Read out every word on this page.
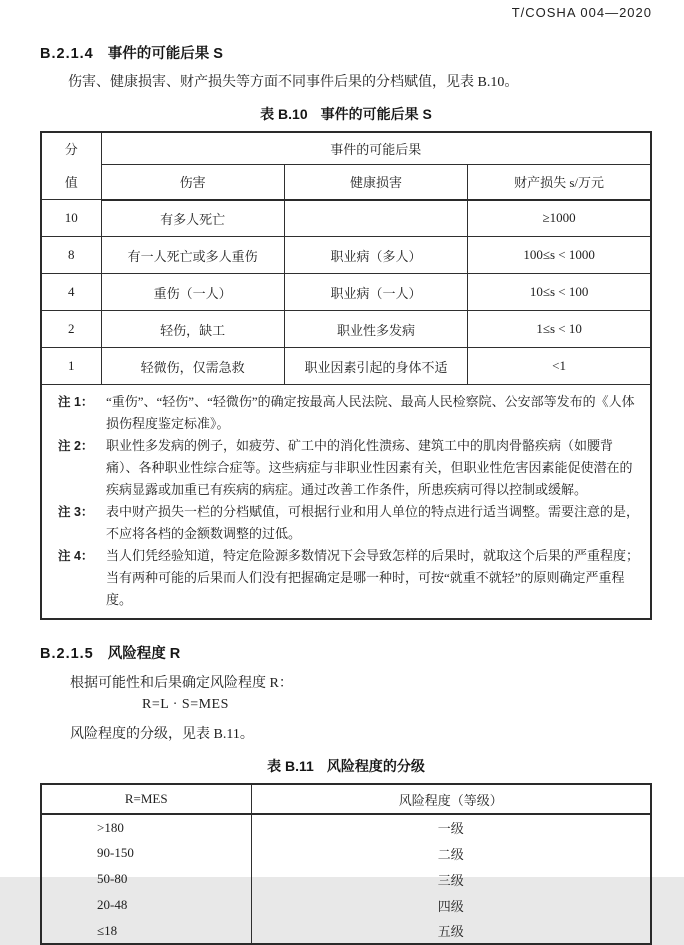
T/COSHA 004—2020
B.2.1.4 事件的可能后果 S
伤害、健康损害、财产损失等方面不同事件后果的分档赋值，见表 B.10。
表 B.10 事件的可能后果 S
分值	事件的可能后果		
	伤害	健康损害	财产损失 s/万元
10	有多人死亡		≥1000
8	有一人死亡或多人重伤	职业病（多人）	100≤s < 1000
4	重伤（一人）	职业病（一人）	10≤s < 100
2	轻伤，缺工	职业性多发病	1≤s < 10
1	轻微伤，仅需急救	职业因素引起的身体不适	<1

注 1： “重伤”、“轻伤”、“轻微伤”的确定按最高人民法院、最高人民检察院、公安部等发布的《人体损伤程度鉴定标准》。
注 2： 职业性多发病的例子，如疲劳、矿工中的消化性溃疡、建筑工中的肌肉骨骼疾病（如腰背痛）、各种职业性综合症等。这些病症与非职业性因素有关，但职业性危害因素能促使潜在的疾病显露或加重已有疾病的病症。通过改善工作条件，所患疾病可得以控制或缓解。
注 3： 表中财产损失一栏的分档赋值，可根据行业和用人单位的特点进行适当调整。需要注意的是，不应将各档的金额数调整的过低。
注 4： 当人们凭经验知道，特定危险源多数情况下会导致怎样的后果时，就取这个后果的严重程度；当有两种可能的后果而人们没有把握确定是哪一种时，可按“就重不就轻”的原则确定严重程度。
B.2.1.5 风险程度 R
根据可能性和后果确定风险程度 R：
R=L · S=MES
风险程度的分级，见表 B.11。
表 B.11 风险程度的分级
R=MES	风险程度（等级）
>180	一级
90-150	二级
50-80	三级
20-48	四级
≤18	五级
